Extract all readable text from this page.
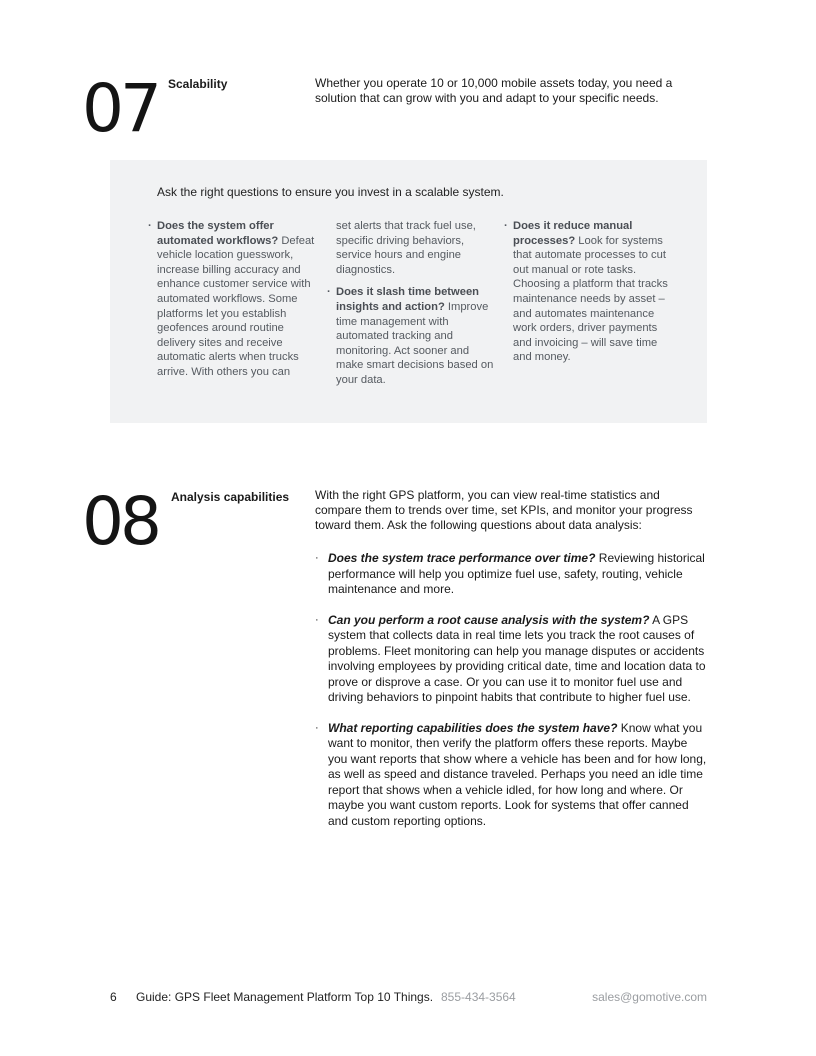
07 Scalability	Whether you operate 10 or 10,000 mobile assets today, you need a solution that can grow with you and adapt to your specific needs.
Ask the right questions to ensure you invest in a scalable system.

· Does the system offer automated workflows? Defeat vehicle location guesswork, increase billing accuracy and enhance customer service with automated workflows. Some platforms let you establish geofences around routine delivery sites and receive automatic alerts when trucks arrive. With others you can

set alerts that track fuel use, specific driving behaviors, service hours and engine diagnostics.

· Does it slash time between insights and action? Improve time management with automated tracking and monitoring. Act sooner and make smart decisions based on your data.

· Does it reduce manual processes? Look for systems that automate processes to cut out manual or rote tasks. Choosing a platform that tracks maintenance needs by asset – and automates maintenance work orders, driver payments and invoicing – will save time and money.

08 Analysis capabilities With the right GPS platform, you can view real-time statistics and compare them to trends over time, set KPIs, and monitor your progress toward them. Ask the following questions about data analysis:
· Does the system trace performance over time? Reviewing historical performance will help you optimize fuel use, safety, routing, vehicle maintenance and more.
· Can you perform a root cause analysis with the system? A GPS system that collects data in real time lets you track the root causes of problems. Fleet monitoring can help you manage disputes or accidents involving employees by providing critical date, time and location data to prove or disprove a case. Or you can use it to monitor fuel use and driving behaviors to pinpoint habits that contribute to higher fuel use.
· What reporting capabilities does the system have? Know what you want to monitor, then verify the platform offers these reports. Maybe you want reports that show where a vehicle has been and for how long, as well as speed and distance traveled. Perhaps you need an idle time report that shows when a vehicle idled, for how long and where. Or maybe you want custom reports. Look for systems that offer canned and custom reporting options.
6 Guide: GPS Fleet Management Platform Top 10 Things. 855-434-3564	sales@gomotive.com
